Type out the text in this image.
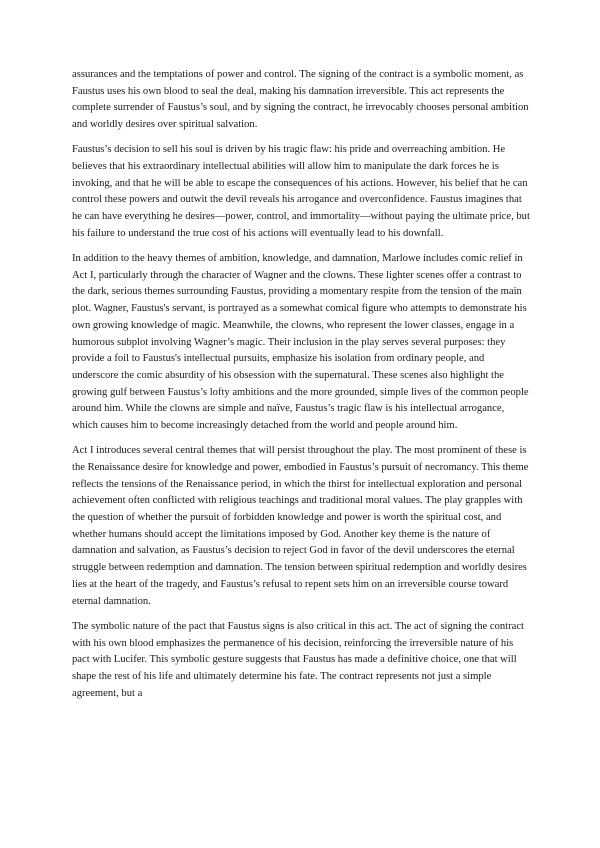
assurances and the temptations of power and control. The signing of the contract is a symbolic moment, as Faustus uses his own blood to seal the deal, making his damnation irreversible. This act represents the complete surrender of Faustus’s soul, and by signing the contract, he irrevocably chooses personal ambition and worldly desires over spiritual salvation.

Faustus’s decision to sell his soul is driven by his tragic flaw: his pride and overreaching ambition. He believes that his extraordinary intellectual abilities will allow him to manipulate the dark forces he is invoking, and that he will be able to escape the consequences of his actions. However, his belief that he can control these powers and outwit the devil reveals his arrogance and overconfidence. Faustus imagines that he can have everything he desires—power, control, and immortality—without paying the ultimate price, but his failure to understand the true cost of his actions will eventually lead to his downfall.

In addition to the heavy themes of ambition, knowledge, and damnation, Marlowe includes comic relief in Act I, particularly through the character of Wagner and the clowns. These lighter scenes offer a contrast to the dark, serious themes surrounding Faustus, providing a momentary respite from the tension of the main plot. Wagner, Faustus's servant, is portrayed as a somewhat comical figure who attempts to demonstrate his own growing knowledge of magic. Meanwhile, the clowns, who represent the lower classes, engage in a humorous subplot involving Wagner’s magic. Their inclusion in the play serves several purposes: they provide a foil to Faustus's intellectual pursuits, emphasize his isolation from ordinary people, and underscore the comic absurdity of his obsession with the supernatural. These scenes also highlight the growing gulf between Faustus’s lofty ambitions and the more grounded, simple lives of the common people around him. While the clowns are simple and naïve, Faustus’s tragic flaw is his intellectual arrogance, which causes him to become increasingly detached from the world and people around him.

Act I introduces several central themes that will persist throughout the play. The most prominent of these is the Renaissance desire for knowledge and power, embodied in Faustus’s pursuit of necromancy. This theme reflects the tensions of the Renaissance period, in which the thirst for intellectual exploration and personal achievement often conflicted with religious teachings and traditional moral values. The play grapples with the question of whether the pursuit of forbidden knowledge and power is worth the spiritual cost, and whether humans should accept the limitations imposed by God. Another key theme is the nature of damnation and salvation, as Faustus’s decision to reject God in favor of the devil underscores the eternal struggle between redemption and damnation. The tension between spiritual redemption and worldly desires lies at the heart of the tragedy, and Faustus’s refusal to repent sets him on an irreversible course toward eternal damnation.

The symbolic nature of the pact that Faustus signs is also critical in this act. The act of signing the contract with his own blood emphasizes the permanence of his decision, reinforcing the irreversible nature of his pact with Lucifer. This symbolic gesture suggests that Faustus has made a definitive choice, one that will shape the rest of his life and ultimately determine his fate. The contract represents not just a simple agreement, but a
